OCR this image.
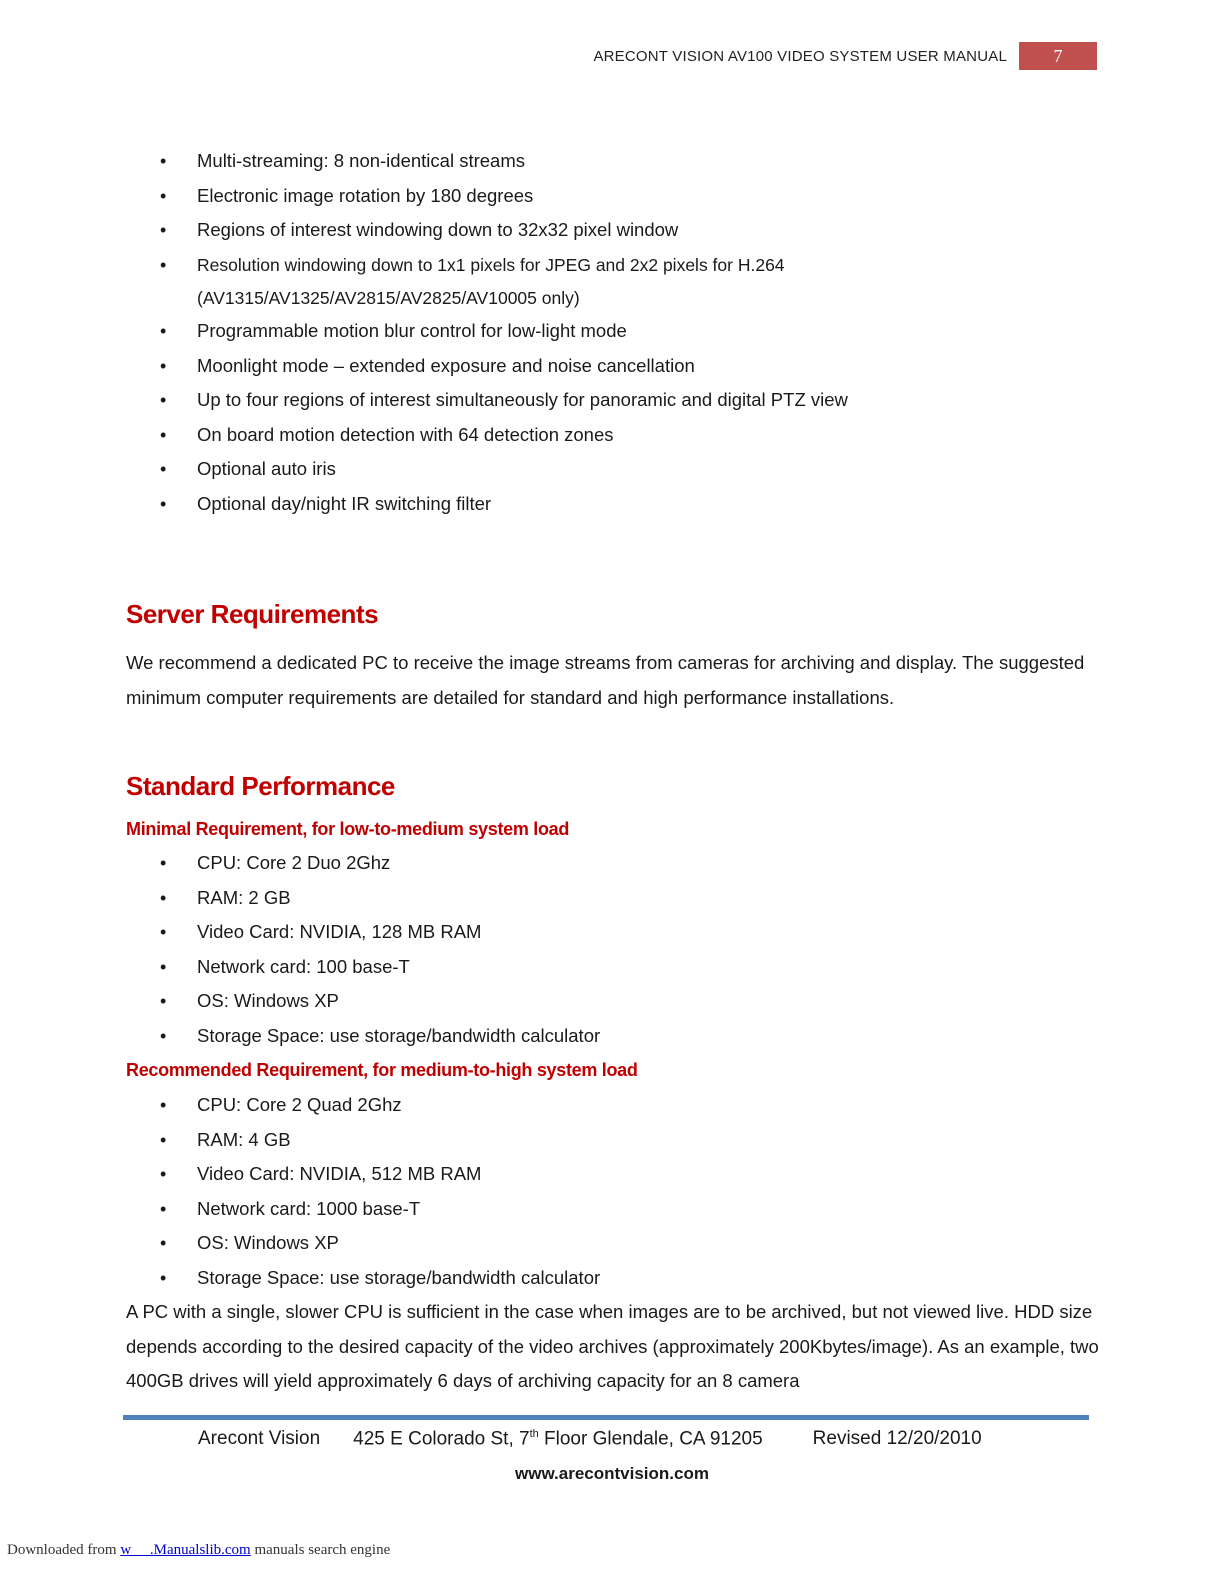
ARECONT VISION AV100 VIDEO SYSTEM USER MANUAL	7
• Multi-streaming: 8 non-identical streams
• Electronic image rotation by 180 degrees
• Regions of interest windowing down to 32x32 pixel window
• Resolution windowing down to 1x1 pixels for JPEG and 2x2 pixels for H.264
(AV1315/AV1325/AV2815/AV2825/AV10005 only)
• Programmable motion blur control for low-light mode
• Moonlight mode – extended exposure and noise cancellation
• Up to four regions of interest simultaneously for panoramic and digital PTZ view
• On board motion detection with 64 detection zones
• Optional auto iris
• Optional day/night IR switching filter
Server Requirements

We recommend a dedicated PC to receive the image streams from cameras for archiving and display. The suggested minimum computer requirements are detailed for standard and high performance installations.

Standard Performance
Minimal Requirement, for low-to-medium system load
• CPU: Core 2 Duo 2Ghz
• RAM: 2 GB
• Video Card: NVIDIA, 128 MB RAM
• Network card: 100 base-T
• OS: Windows XP
• Storage Space: use storage/bandwidth calculator
Recommended Requirement, for medium-to-high system load
• CPU: Core 2 Quad 2Ghz
• RAM: 4 GB
• Video Card: NVIDIA, 512 MB RAM
• Network card: 1000 base-T
• OS: Windows XP
• Storage Space: use storage/bandwidth calculator

A PC with a single, slower CPU is sufficient in the case when images are to be archived, but not viewed live. HDD size depends according to the desired capacity of the video archives (approximately 200Kbytes/image). As an example, two 400GB drives will yield approximately 6 days of archiving capacity for an 8 camera

Arecont Vision 425 E Colorado St, 7th Floor Glendale, CA 91205	Revised 12/20/2010
www.arecontvision.com
Downloaded from w     .Manualslib.com manuals search engine
